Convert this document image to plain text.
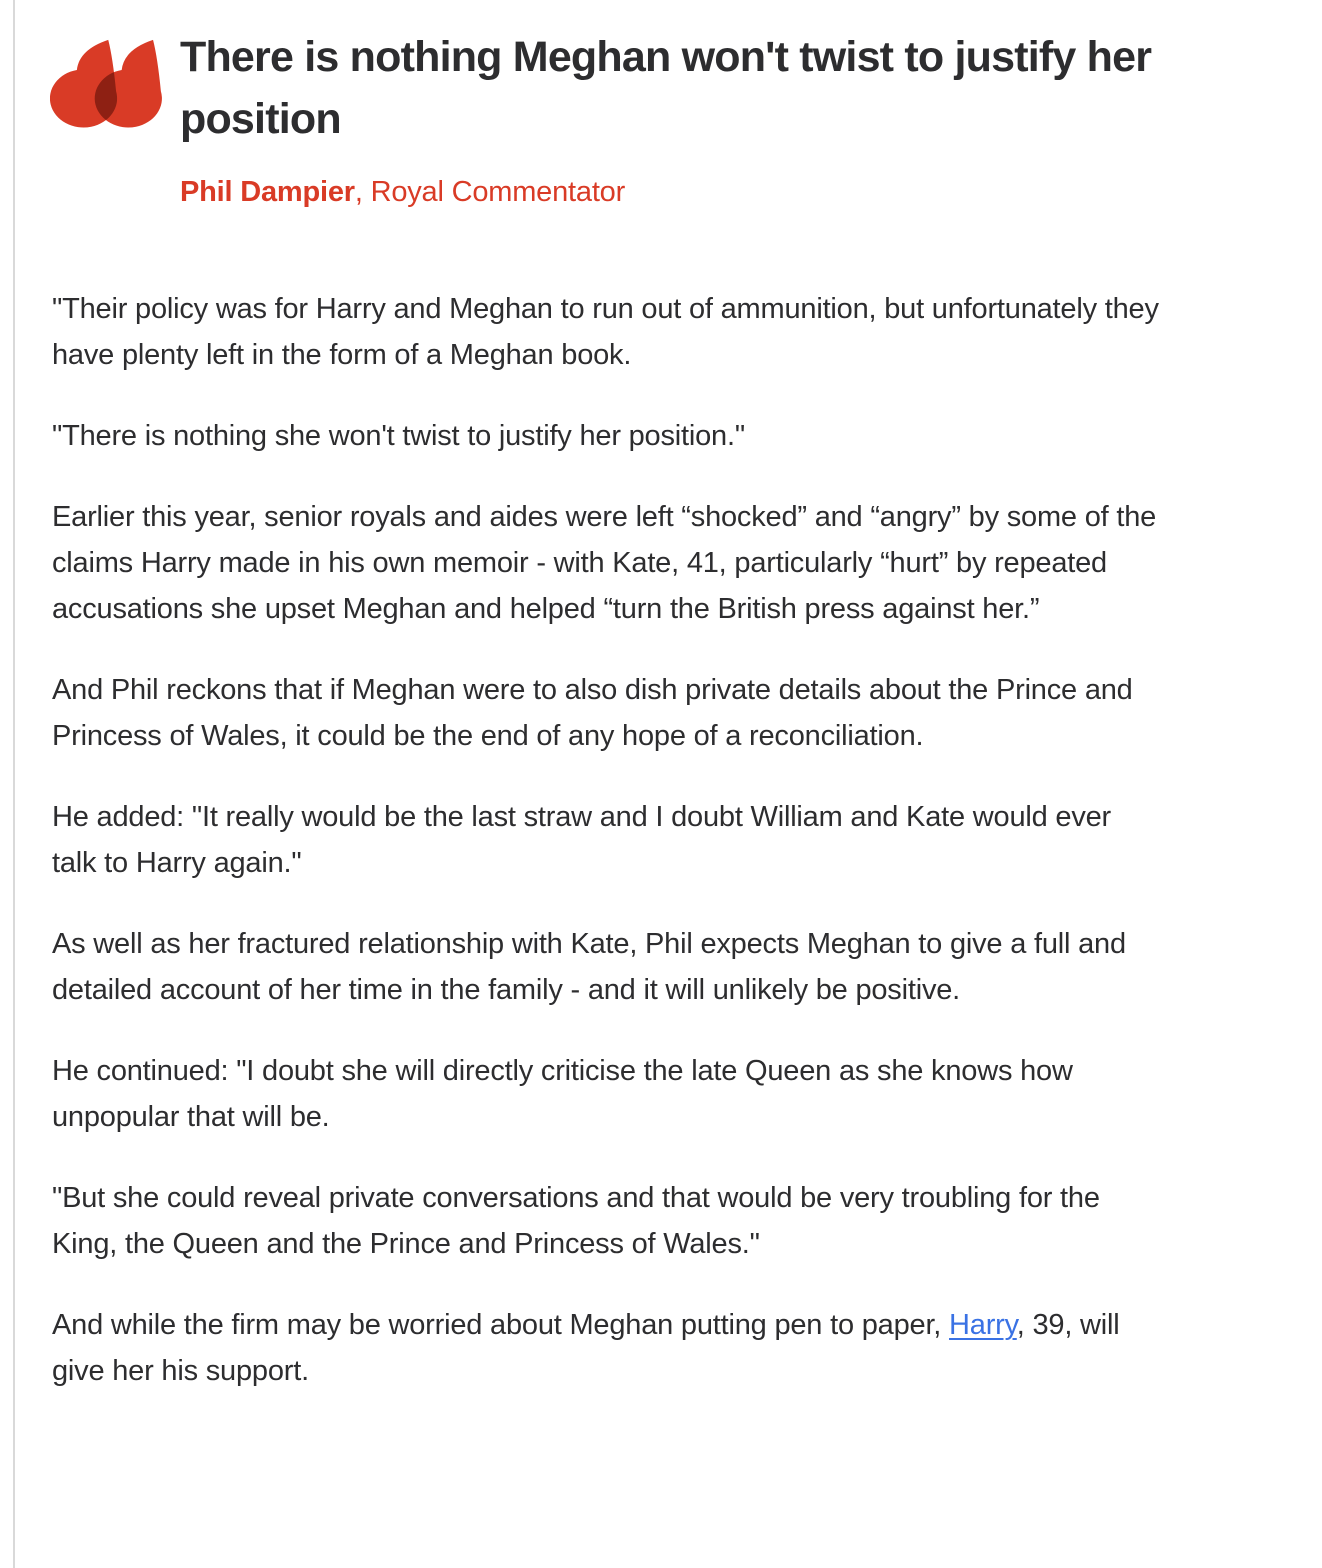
There is nothing Meghan won't twist to justify her position
Phil Dampier, Royal Commentator

"Their policy was for Harry and Meghan to run out of ammunition, but unfortunately they have plenty left in the form of a Meghan book.

"There is nothing she won't twist to justify her position."

Earlier this year, senior royals and aides were left “shocked” and “angry” by some of the claims Harry made in his own memoir - with Kate, 41, particularly “hurt” by repeated accusations she upset Meghan and helped “turn the British press against her.”

And Phil reckons that if Meghan were to also dish private details about the Prince and Princess of Wales, it could be the end of any hope of a reconciliation.

He added: "It really would be the last straw and I doubt William and Kate would ever talk to Harry again."

As well as her fractured relationship with Kate, Phil expects Meghan to give a full and detailed account of her time in the family - and it will unlikely be positive.

He continued: "I doubt she will directly criticise the late Queen as she knows how unpopular that will be.

"But she could reveal private conversations and that would be very troubling for the King, the Queen and the Prince and Princess of Wales."

And while the firm may be worried about Meghan putting pen to paper, Harry, 39, will give her his support.
